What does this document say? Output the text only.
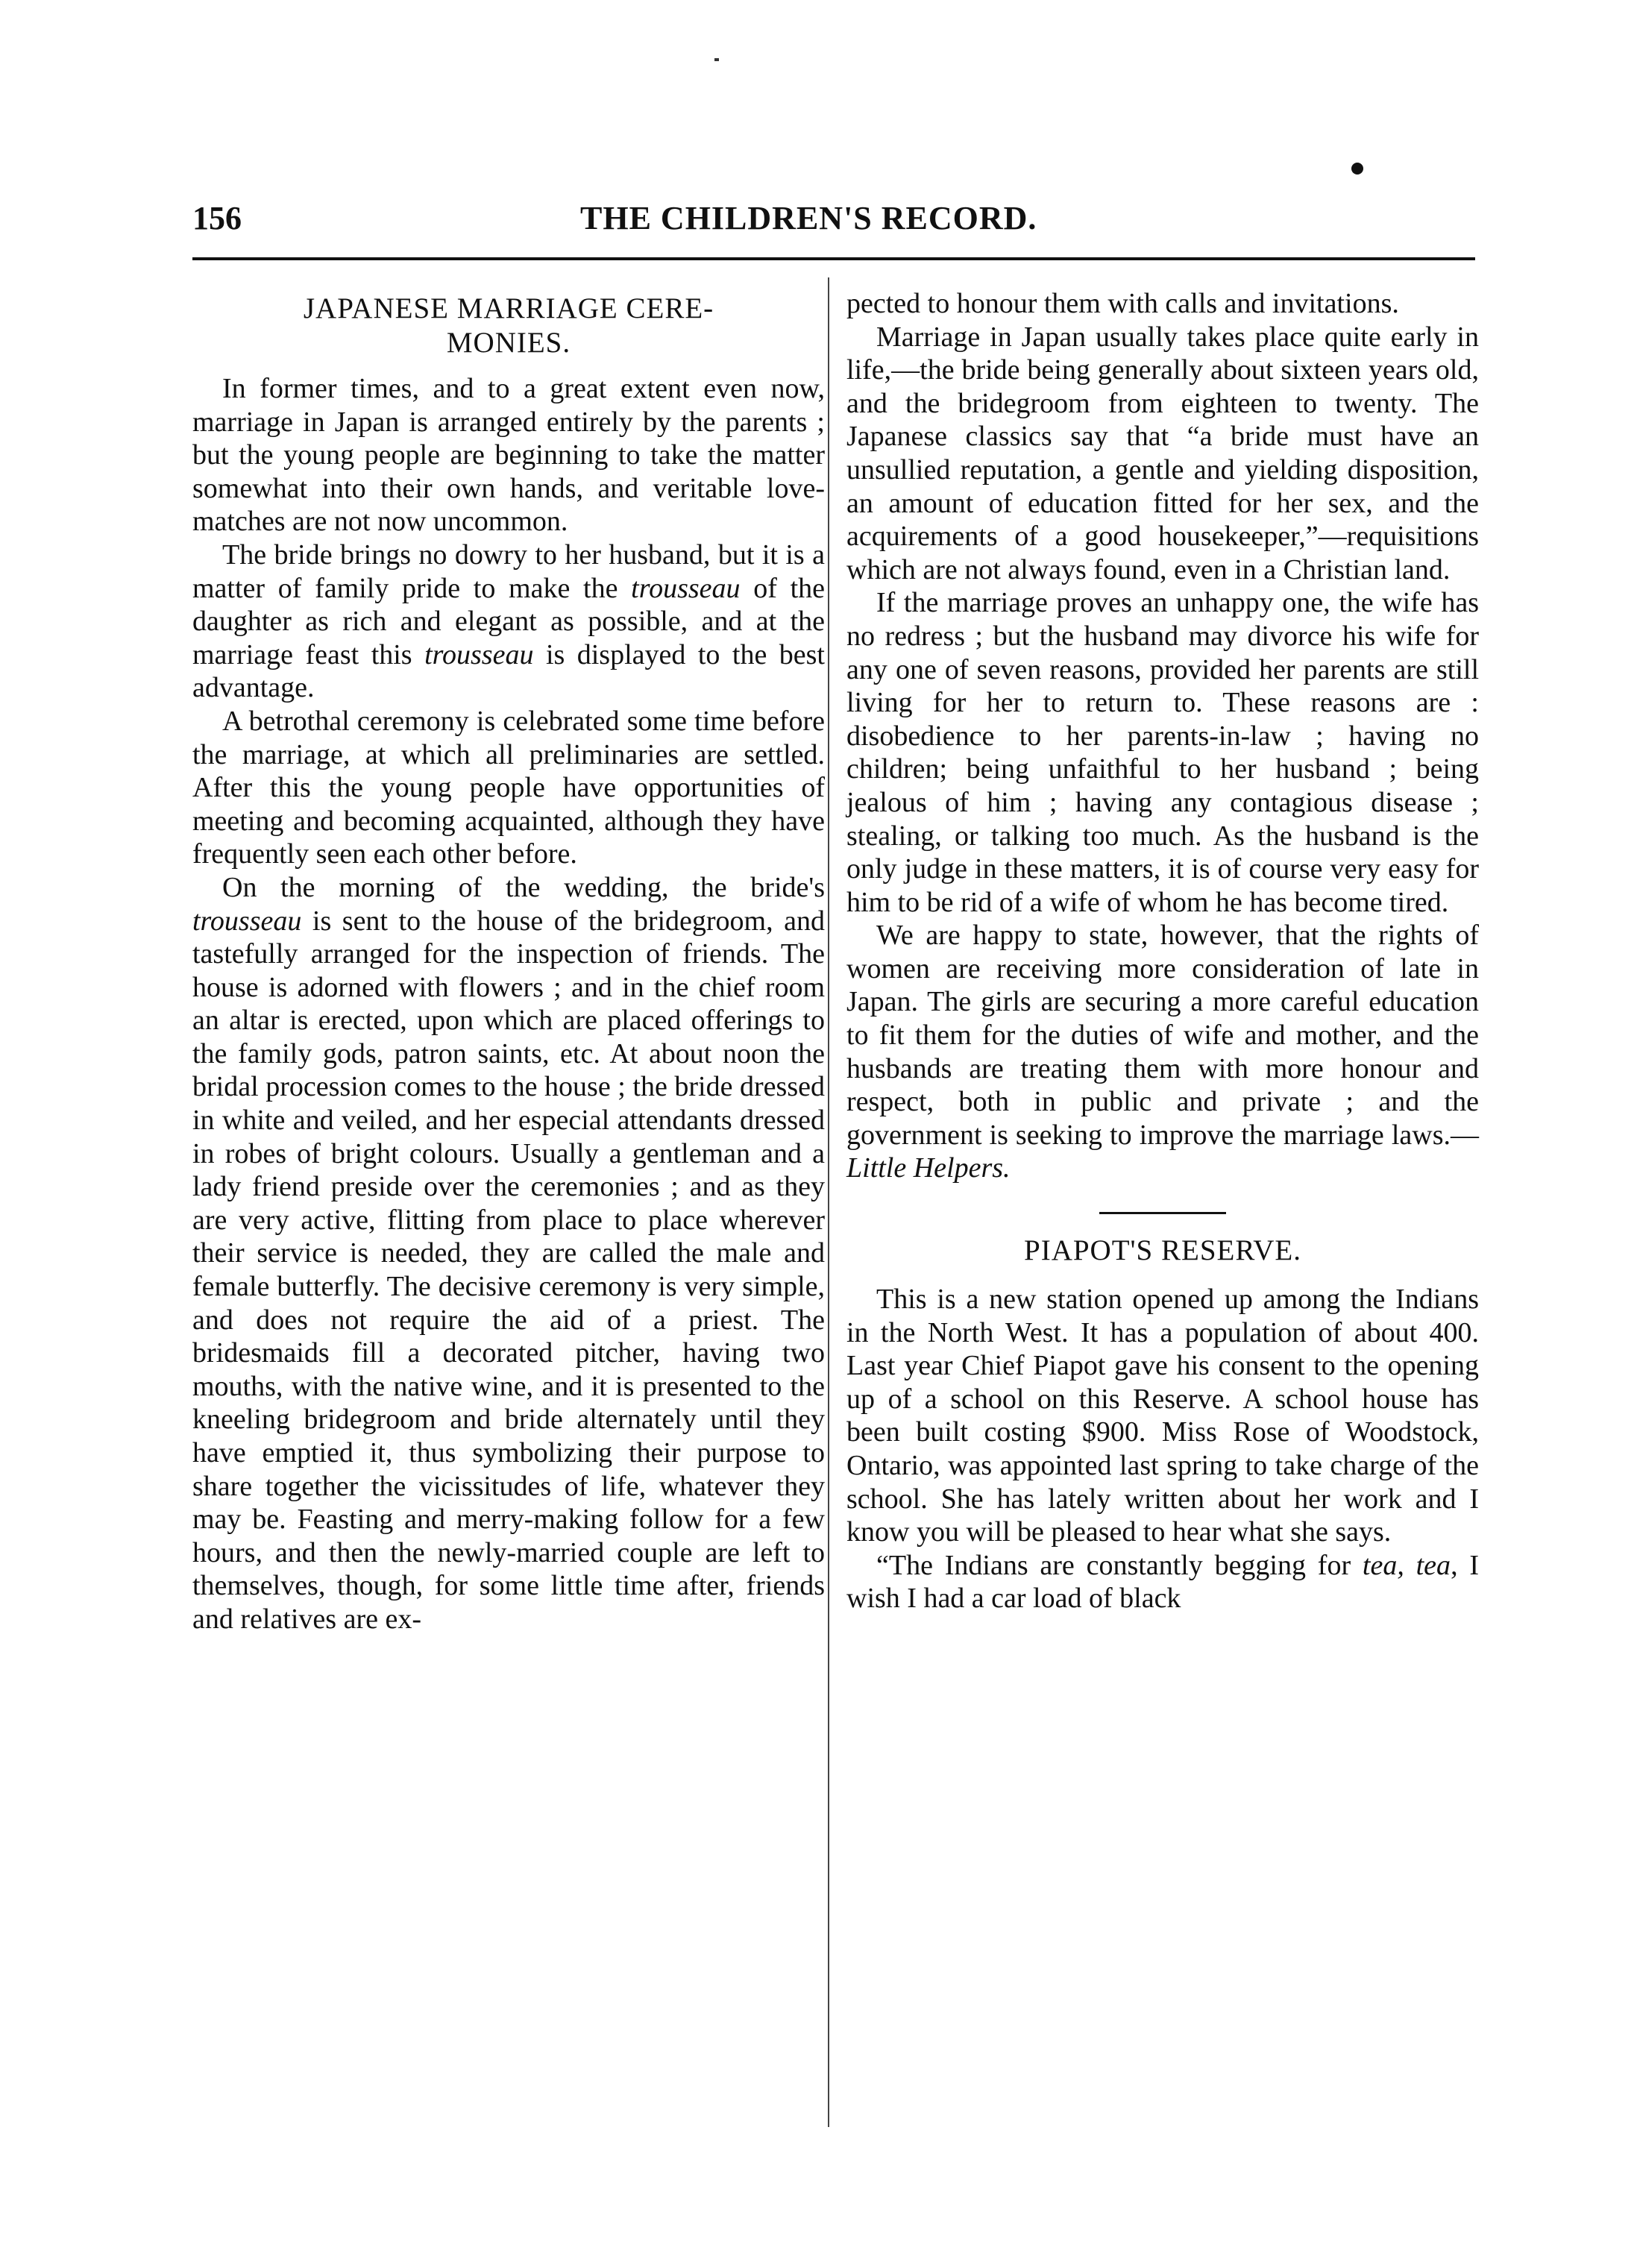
156	THE CHILDREN'S RECORD.
JAPANESE MARRIAGE CERE-
MONIES.

In former times, and to a great extent even now, marriage in Japan is arranged entirely by the parents ; but the young people are beginning to take the matter somewhat into their own hands, and veritable love-matches are not now uncommon.

The bride brings no dowry to her husband, but it is a matter of family pride to make the trousseau of the daughter as rich and elegant as possible, and at the marriage feast this trousseau is displayed to the best advantage.

A betrothal ceremony is celebrated some time before the marriage, at which all preliminaries are settled. After this the young people have opportunities of meeting and becoming acquainted, although they have frequently seen each other before.

On the morning of the wedding, the bride's trousseau is sent to the house of the bridegroom, and tastefully arranged for the inspection of friends. The house is adorned with flowers ; and in the chief room an altar is erected, upon which are placed offerings to the family gods, patron saints, etc. At about noon the bridal procession comes to the house ; the bride dressed in white and veiled, and her especial attendants dressed in robes of bright colours. Usually a gentleman and a lady friend preside over the ceremonies ; and as they are very active, flitting from place to place wherever their service is needed, they are called the male and female butterfly. The decisive ceremony is very simple, and does not require the aid of a priest. The bridesmaids fill a decorated pitcher, having two mouths, with the native wine, and it is presented to the kneeling bridegroom and bride alternately until they have emptied it, thus symbolizing their purpose to share together the vicissitudes of life, whatever they may be. Feasting and merry-making follow for a few hours, and then the newly-married couple are left to themselves, though, for some little time after, friends and relatives are ex-

pected to honour them with calls and invitations.

Marriage in Japan usually takes place quite early in life,—the bride being generally about sixteen years old, and the bridegroom from eighteen to twenty. The Japanese classics say that “a bride must have an unsullied reputation, a gentle and yielding disposition, an amount of education fitted for her sex, and the acquirements of a good housekeeper,”—requisitions which are not always found, even in a Christian land.

If the marriage proves an unhappy one, the wife has no redress ; but the husband may divorce his wife for any one of seven reasons, provided her parents are still living for her to return to. These reasons are : disobedience to her parents-in-law ; having no children; being unfaithful to her husband ; being jealous of him ; having any contagious disease ; stealing, or talking too much. As the husband is the only judge in these matters, it is of course very easy for him to be rid of a wife of whom he has become tired.

We are happy to state, however, that the rights of women are receiving more consideration of late in Japan. The girls are securing a more careful education to fit them for the duties of wife and mother, and the husbands are treating them with more honour and respect, both in public and private ; and the government is seeking to improve the marriage laws.—Little Helpers.

PIAPOT'S RESERVE.

This is a new station opened up among the Indians in the North West. It has a population of about 400. Last year Chief Piapot gave his consent to the opening up of a school on this Reserve. A school house has been built costing $900. Miss Rose of Woodstock, Ontario, was appointed last spring to take charge of the school. She has lately written about her work and I know you will be pleased to hear what she says.

“The Indians are constantly begging for tea, tea, I wish I had a car load of black
